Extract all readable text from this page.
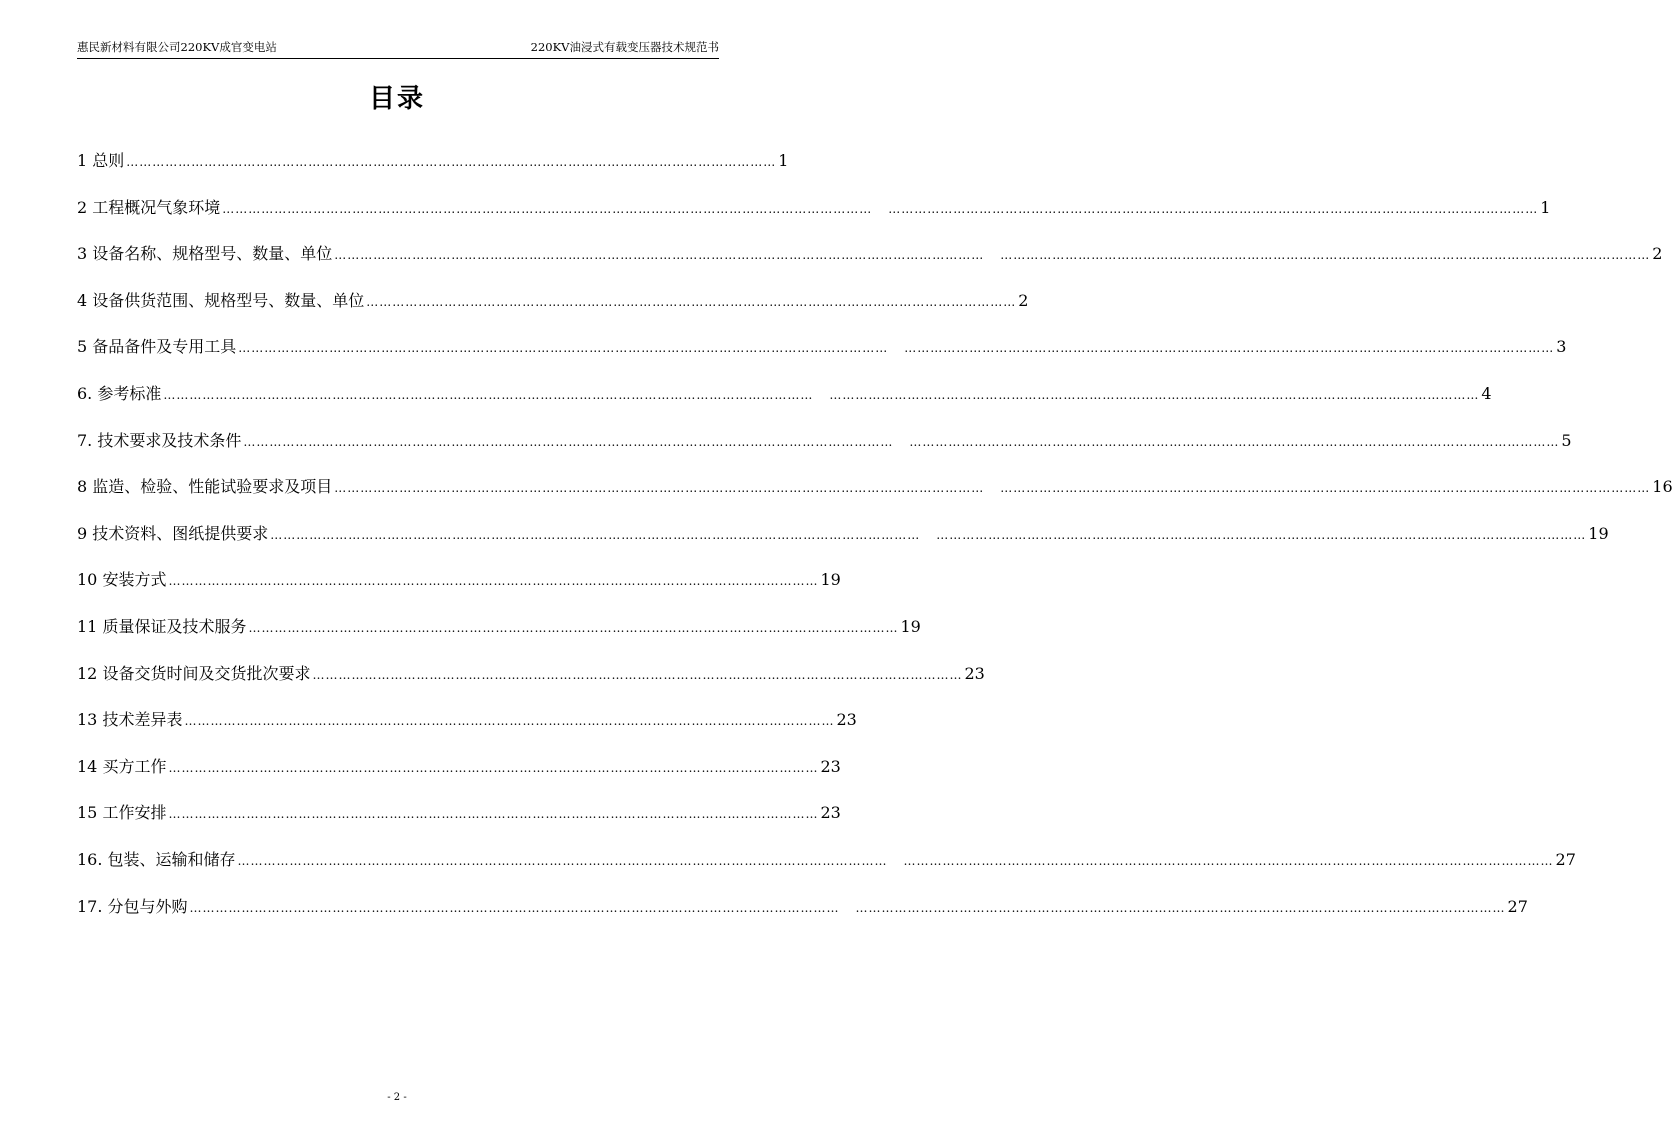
惠民新材料有限公司220KV成官变电站	220KV油浸式有载变压器技术规范书
目录
1 总则 …………………………………………………………………………………………………………………………………… 1
2 工程概况气象环境 …………………………………………………………………………………………………………………………………… …………………………………………………………………………………………………………………………………… 1
3 设备名称、规格型号、数量、单位 …………………………………………………………………………………………………………………………………… …………………………………………………………………………………………………………………………………… 2
4 设备供货范围、规格型号、数量、单位 …………………………………………………………………………………………………………………………………… 2
5 备品备件及专用工具 …………………………………………………………………………………………………………………………………… …………………………………………………………………………………………………………………………………… 3
6. 参考标准 …………………………………………………………………………………………………………………………………… …………………………………………………………………………………………………………………………………… 4
7. 技术要求及技术条件 …………………………………………………………………………………………………………………………………… …………………………………………………………………………………………………………………………………… 5
8 监造、检验、性能试验要求及项目 …………………………………………………………………………………………………………………………………… …………………………………………………………………………………………………………………………………… 16
9 技术资料、图纸提供要求 …………………………………………………………………………………………………………………………………… …………………………………………………………………………………………………………………………………… 19
10 安装方式 …………………………………………………………………………………………………………………………………… 19
11 质量保证及技术服务 …………………………………………………………………………………………………………………………………… 19
12 设备交货时间及交货批次要求 …………………………………………………………………………………………………………………………………… 23
13 技术差异表 …………………………………………………………………………………………………………………………………… 23
14 买方工作 …………………………………………………………………………………………………………………………………… 23
15 工作安排 …………………………………………………………………………………………………………………………………… 23
16. 包装、运输和储存 …………………………………………………………………………………………………………………………………… …………………………………………………………………………………………………………………………………… 27
17. 分包与外购 …………………………………………………………………………………………………………………………………… …………………………………………………………………………………………………………………………………… 27
- 2 -
